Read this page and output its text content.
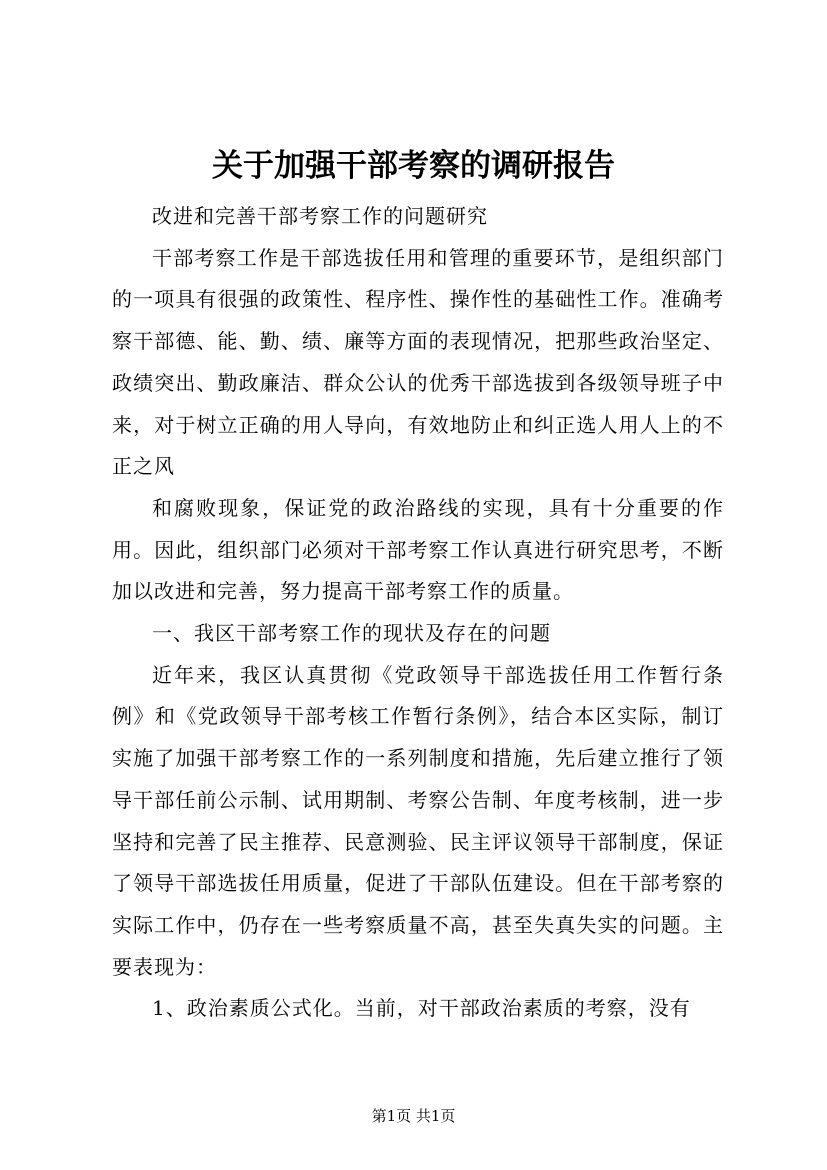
关于加强干部考察的调研报告

改进和完善干部考察工作的问题研究

干部考察工作是干部选拔任用和管理的重要环节，是组织部门的一项具有很强的政策性、程序性、操作性的基础性工作。准确考察干部德、能、勤、绩、廉等方面的表现情况，把那些政治坚定、政绩突出、勤政廉洁、群众公认的优秀干部选拔到各级领导班子中来，对于树立正确的用人导向，有效地防止和纠正选人用人上的不正之风

和腐败现象，保证党的政治路线的实现，具有十分重要的作用。因此，组织部门必须对干部考察工作认真进行研究思考，不断加以改进和完善，努力提高干部考察工作的质量。

一、我区干部考察工作的现状及存在的问题

近年来，我区认真贯彻《党政领导干部选拔任用工作暂行条例》和《党政领导干部考核工作暂行条例》，结合本区实际，制订实施了加强干部考察工作的一系列制度和措施，先后建立推行了领导干部任前公示制、试用期制、考察公告制、年度考核制，进一步坚持和完善了民主推荐、民意测验、民主评议领导干部制度，保证了领导干部选拔任用质量，促进了干部队伍建设。但在干部考察的实际工作中，仍存在一些考察质量不高，甚至失真失实的问题。主要表现为：

1、政治素质公式化。当前，对干部政治素质的考察，没有

第1页 共1页
